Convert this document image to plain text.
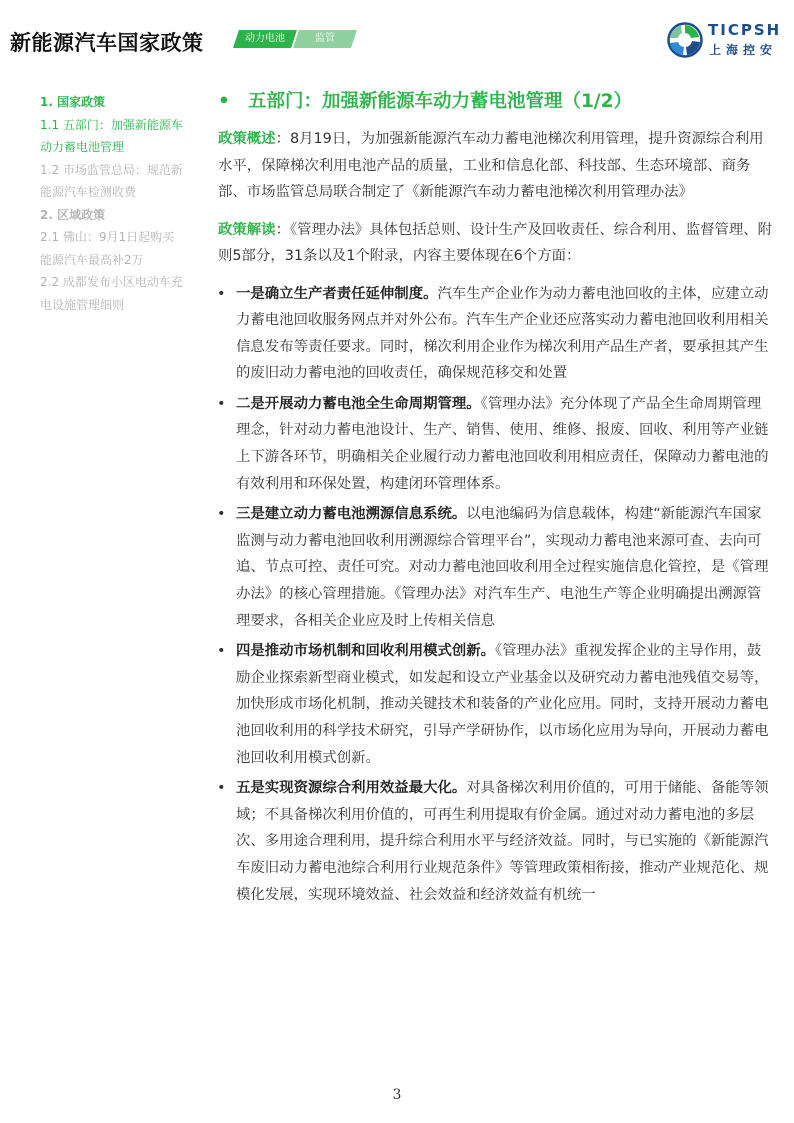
新能源汽车国家政策	动力电池	监管	TICPSH
上海控安
1. 国家政策
1.1 五部门：加强新能源车
动力蓄电池管理
1.2 市场监管总局：规范新
能源汽车检测收费
2. 区域政策
2.1 佛山：9月1日起购买
能源汽车最高补2万
2.2 成都发布小区电动车充
电设施管理细则
• 五部门：加强新能源车动力蓄电池管理（1/2）
政策概述：8月19日，为加强新能源汽车动力蓄电池梯次利用管理，提升资源综合利用水平，保障梯次利用电池产品的质量，工业和信息化部、科技部、生态环境部、商务部、市场监管总局联合制定了《新能源汽车动力蓄电池梯次利用管理办法》
政策解读：《管理办法》具体包括总则、设计生产及回收责任、综合利用、监督管理、附则5部分，31条以及1个附录，内容主要体现在6个方面：
• 一是确立生产者责任延伸制度。汽车生产企业作为动力蓄电池回收的主体，应建立动力蓄电池回收服务网点并对外公布。汽车生产企业还应落实动力蓄电池回收利用相关信息发布等责任要求。同时，梯次利用企业作为梯次利用产品生产者，要承担其产生的废旧动力蓄电池的回收责任，确保规范移交和处置
• 二是开展动力蓄电池全生命周期管理。《管理办法》充分体现了产品全生命周期管理理念，针对动力蓄电池设计、生产、销售、使用、维修、报废、回收、利用等产业链上下游各环节，明确相关企业履行动力蓄电池回收利用相应责任，保障动力蓄电池的有效利用和环保处置，构建闭环管理体系。
• 三是建立动力蓄电池溯源信息系统。以电池编码为信息载体，构建“新能源汽车国家监测与动力蓄电池回收利用溯源综合管理平台”，实现动力蓄电池来源可查、去向可追、节点可控、责任可究。对动力蓄电池回收利用全过程实施信息化管控，是《管理办法》的核心管理措施。《管理办法》对汽车生产、电池生产等企业明确提出溯源管理要求，各相关企业应及时上传相关信息
• 四是推动市场机制和回收利用模式创新。《管理办法》重视发挥企业的主导作用，鼓励企业探索新型商业模式，如发起和设立产业基金以及研究动力蓄电池残值交易等，加快形成市场化机制，推动关键技术和装备的产业化应用。同时，支持开展动力蓄电池回收利用的科学技术研究，引导产学研协作，以市场化应用为导向，开展动力蓄电池回收利用模式创新。
• 五是实现资源综合利用效益最大化。对具备梯次利用价值的，可用于储能、备能等领域；不具备梯次利用价值的，可再生利用提取有价金属。通过对动力蓄电池的多层次、多用途合理利用，提升综合利用水平与经济效益。同时，与已实施的《新能源汽车废旧动力蓄电池综合利用行业规范条件》等管理政策相衔接，推动产业规范化、规模化发展，实现环境效益、社会效益和经济效益有机统一
3
